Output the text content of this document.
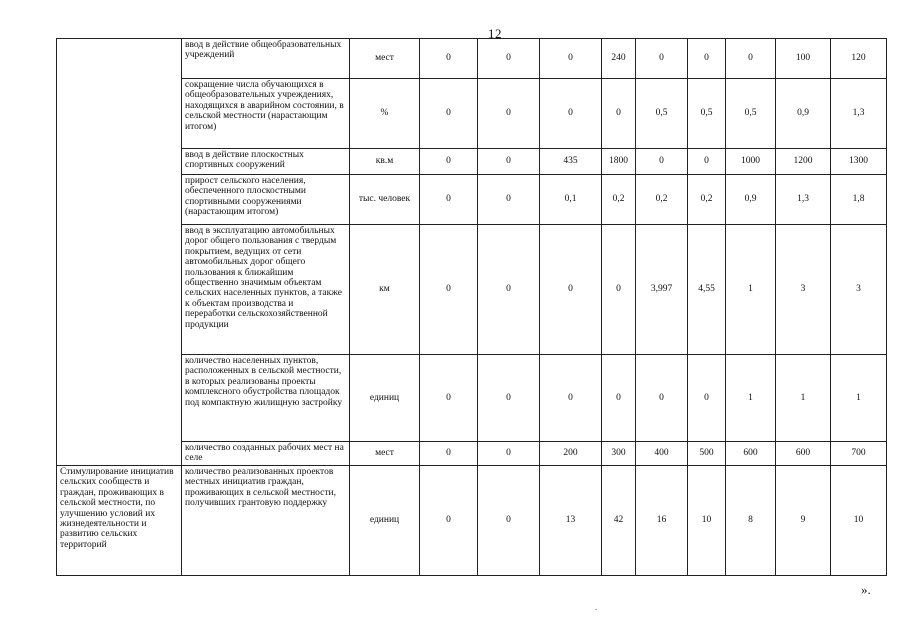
12
	ввод в действие общеобразовательных учреждений	мест	0	0	0	240	0	0	0	100	120
	сокращение числа обучающихся в общеобразовательных учреждениях, находящихся в аварийном состоянии, в сельской местности (нарастающим итогом)	%	0	0	0	0	0,5	0,5	0,5	0,9	1,3
	ввод в действие плоскостных спортивных сооружений	кв.м	0	0	435	1800	0	0	1000	1200	1300
	прирост сельского населения, обеспеченного плоскостными спортивными сооружениями (нарастающим итогом)	тыс. человек	0	0	0,1	0,2	0,2	0,2	0,9	1,3	1,8
	ввод в эксплуатацию автомобильных дорог общего пользования с твердым покрытием, ведущих от сети автомобильных дорог общего пользования к ближайшим общественно значимым объектам сельских населенных пунктов, а также к объектам производства и переработки сельскохозяйственной продукции	км	0	0	0	0	3,997	4,55	1	3	3
	количество населенных пунктов, расположенных в сельской местности, в которых реализованы проекты комплексного обустройства площадок под компактную жилищную застройку	единиц	0	0	0	0	0	0	1	1	1
	количество созданных рабочих мест на селе	мест	0	0	200	300	400	500	600	600	700
Стимулирование инициатив сельских сообществ и граждан, проживающих в сельской местности, по улучшению условий их жизнедеятельности и развитию сельских территорий	количество реализованных проектов местных инициатив граждан, проживающих в сельской местности, получивших грантовую поддержку	единиц	0	0	13	42	16	10	8	9	10
».
.
